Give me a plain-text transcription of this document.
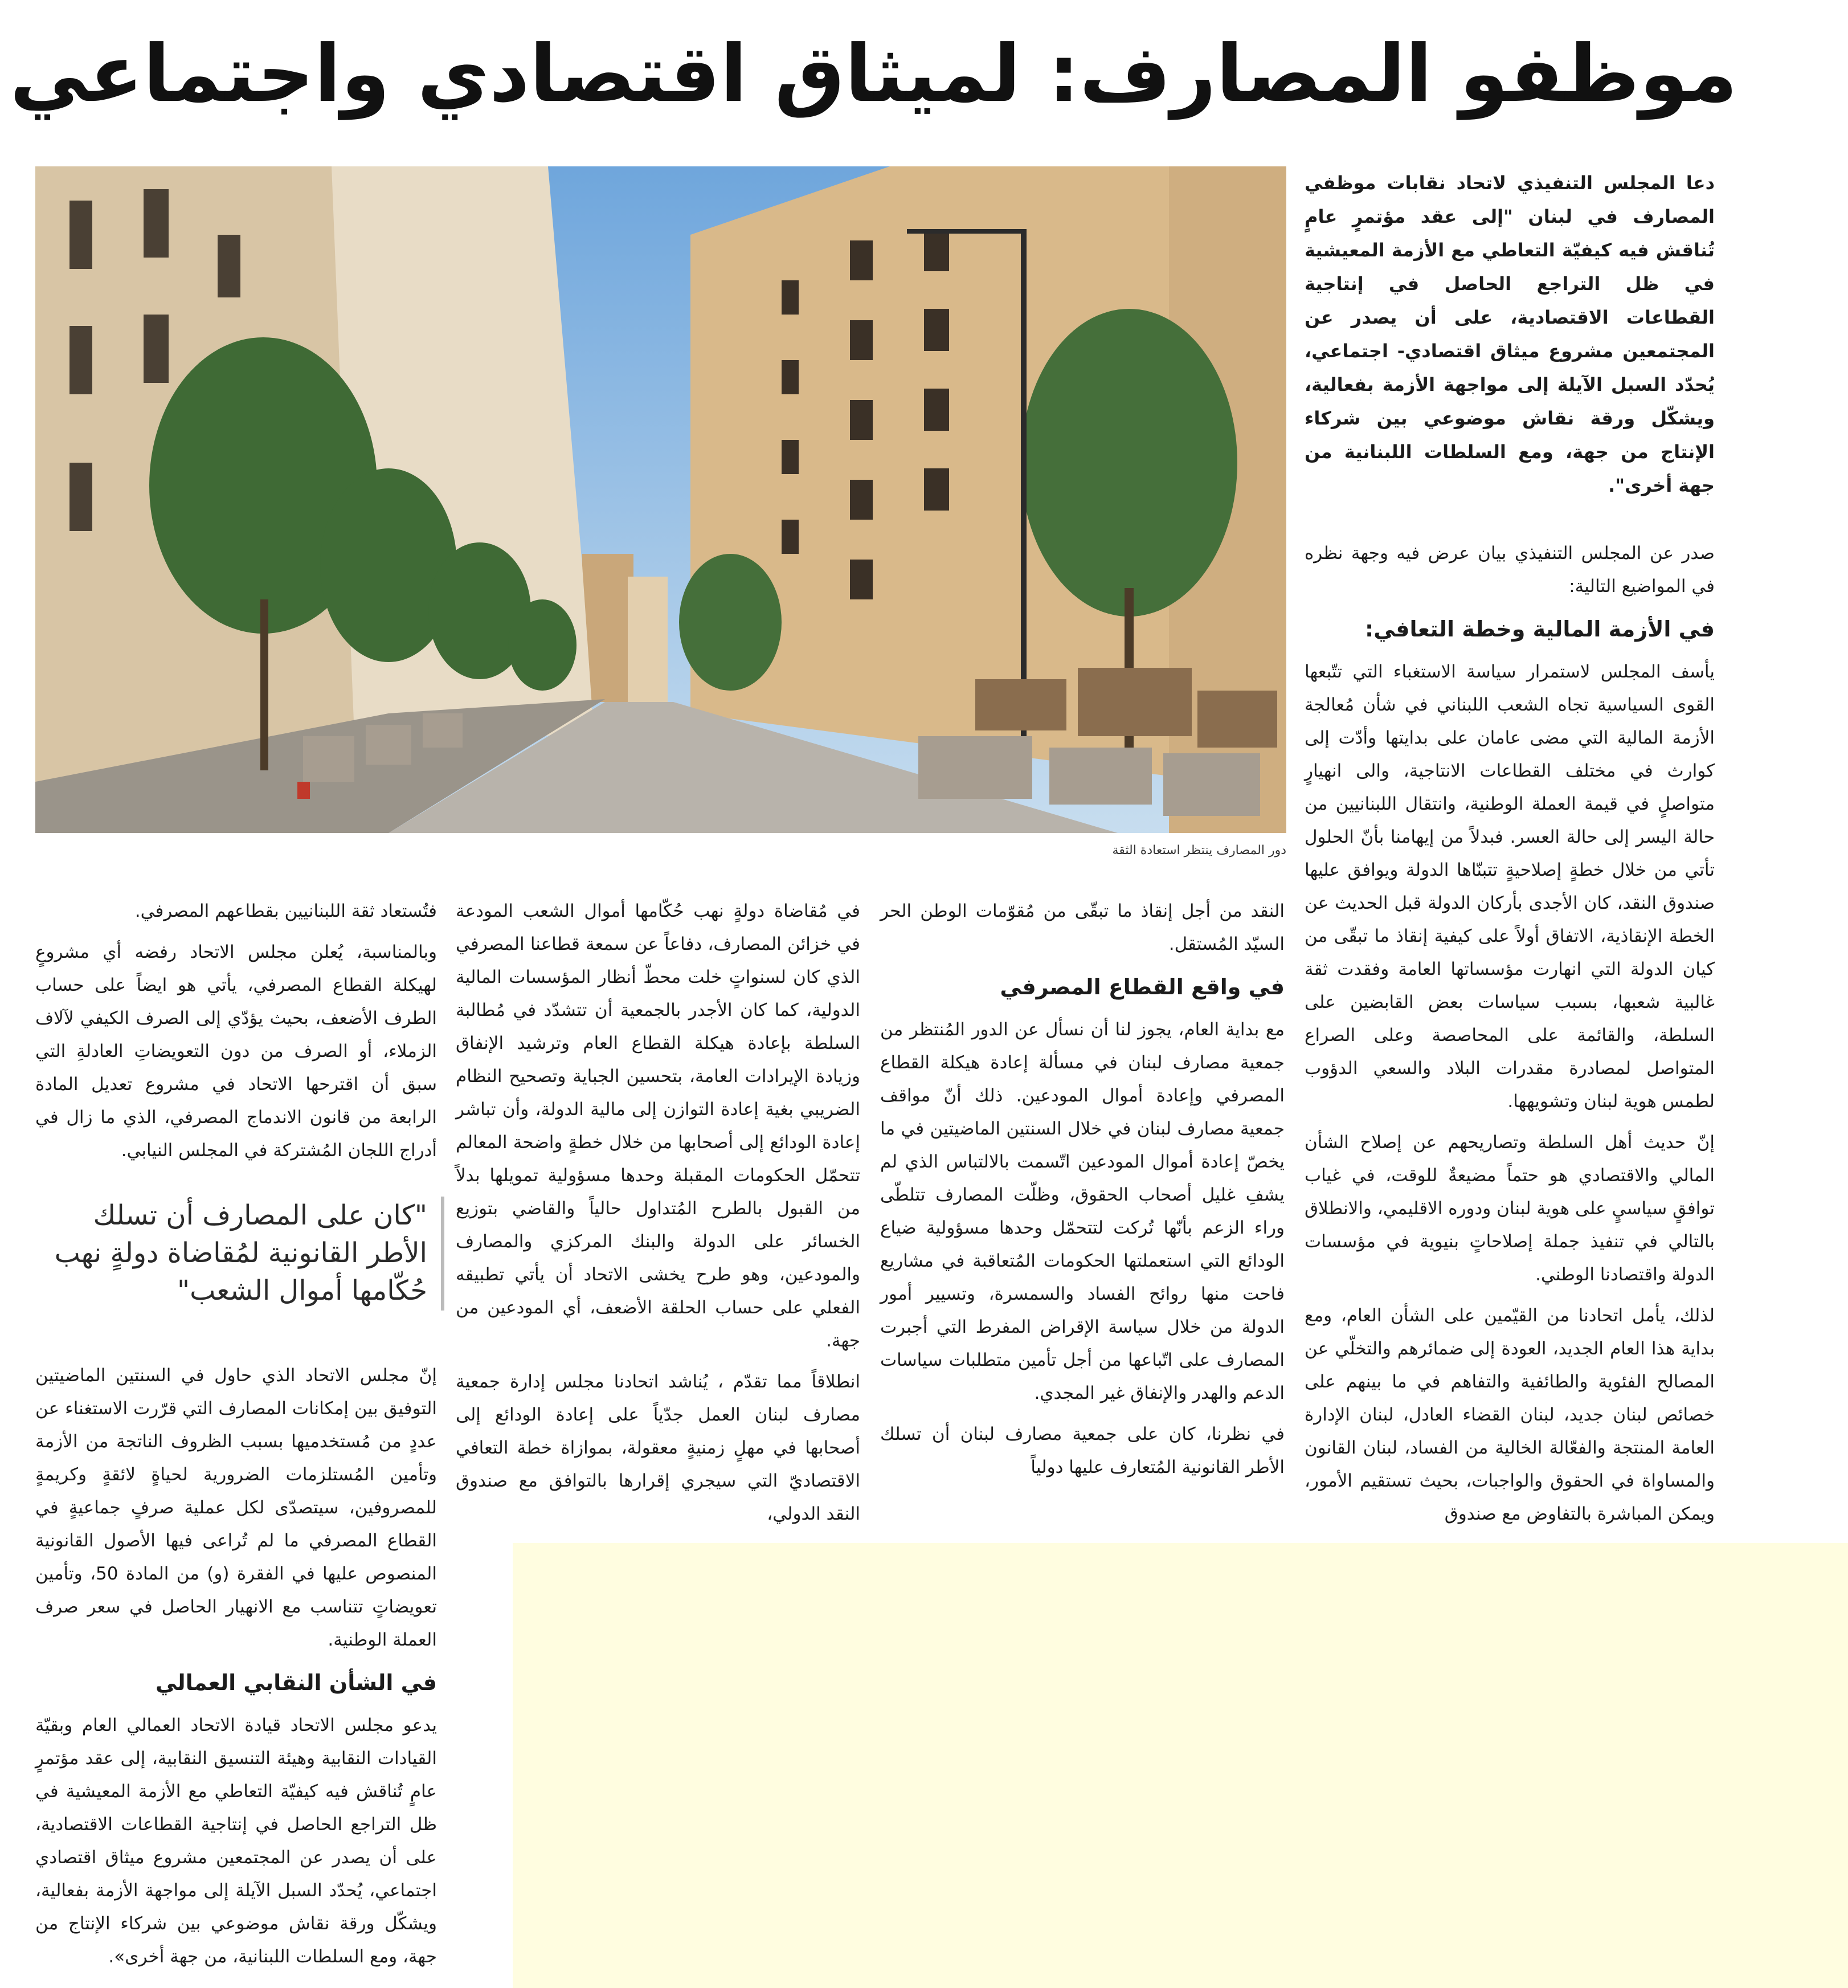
موظفو المصارف: لميثاق اقتصادي واجتماعي
دور المصارف ينتظر استعادة الثقة

دعا المجلس التنفيذي لاتحاد نقابات موظفي المصارف في لبنان "إلى عقد مؤتمرٍ عامٍ تُناقش فيه كيفيّة التعاطي مع الأزمة المعيشية في ظل التراجع الحاصل في إنتاجية القطاعات الاقتصادية، على أن يصدر عن المجتمعين مشروع ميثاق اقتصادي- اجتماعي، يُحدّد السبل الآيلة إلى مواجهة الأزمة بفعالية، ويشكّل ورقة نقاش موضوعي بين شركاء الإنتاج من جهة، ومع السلطات اللبنانية من جهة أخرى".

صدر عن المجلس التنفيذي بيان عرض فيه وجهة نظره في المواضيع التالية:

في الأزمة المالية وخطة التعافي:

يأسف المجلس لاستمرار سياسة الاستغباء التي تتّبعها القوى السياسية تجاه الشعب اللبناني في شأن مُعالجة الأزمة المالية التي مضى عامان على بدايتها وأدّت إلى كوارث في مختلف القطاعات الانتاجية، والى انهيارٍ متواصلٍ في قيمة العملة الوطنية، وانتقال اللبنانيين من حالة اليسر إلى حالة العسر. فبدلاً من إيهامنا بأنّ الحلول تأتي من خلال خطةٍ إصلاحيةٍ تتبنّاها الدولة ويوافق عليها صندوق النقد، كان الأجدى بأركان الدولة قبل الحديث عن الخطة الإنقاذية، الاتفاق أولاً على كيفية إنقاذ ما تبقّى من كيان الدولة التي انهارت مؤسساتها العامة وفقدت ثقة غالبية شعبها، بسبب سياسات بعض القابضين على السلطة، والقائمة على المحاصصة وعلى الصراع المتواصل لمصادرة مقدرات البلاد والسعي الدؤوب لطمس هوية لبنان وتشويهها.

إنّ حديث أهل السلطة وتصاريحهم عن إصلاح الشأن المالي والاقتصادي هو حتماً مضيعةٌ للوقت، في غياب توافقٍ سياسيٍ على هوية لبنان ودوره الاقليمي، والانطلاق بالتالي في تنفيذ جملة إصلاحاتٍ بنيوية في مؤسسات الدولة واقتصادنا الوطني.

لذلك، يأمل اتحادنا من القيّمين على الشأن العام، ومع بداية هذا العام الجديد، العودة إلى ضمائرهم والتخلّي عن المصالح الفئوية والطائفية والتفاهم في ما بينهم على خصائص لبنان جديد، لبنان القضاء العادل، لبنان الإدارة العامة المنتجة والفعّالة الخالية من الفساد، لبنان القانون والمساواة في الحقوق والواجبات، بحيث تستقيم الأمور، ويمكن المباشرة بالتفاوض مع صندوق

النقد من أجل إنقاذ ما تبقّى من مُقوّمات الوطن الحر السيّد المُستقل.

في واقع القطاع المصرفي

مع بداية العام، يجوز لنا أن نسأل عن الدور المُنتظر من جمعية مصارف لبنان في مسألة إعادة هيكلة القطاع المصرفي وإعادة أموال المودعين. ذلك أنّ مواقف جمعية مصارف لبنان في خلال السنتين الماضيتين في ما يخصّ إعادة أموال المودعين اتّسمت بالالتباس الذي لم يشفِ غليل أصحاب الحقوق، وظلّت المصارف تتلطّى وراء الزعم بأنّها تُركت لتتحمّل وحدها مسؤولية ضياع الودائع التي استعملتها الحكومات المُتعاقبة في مشاريع فاحت منها روائح الفساد والسمسرة، وتسيير أمور الدولة من خلال سياسة الإقراض المفرط التي أجبرت المصارف على اتّباعها من أجل تأمين متطلبات سياسات الدعم والهدر والإنفاق غير المجدي.

في نظرنا، كان على جمعية مصارف لبنان أن تسلك الأطر القانونية المُتعارف عليها دولياً

في مُقاضاة دولةٍ نهب حُكّامها أموال الشعب المودعة في خزائن المصارف، دفاعاً عن سمعة قطاعنا المصرفي الذي كان لسنواتٍ خلت محطّ أنظار المؤسسات المالية الدولية، كما كان الأجدر بالجمعية أن تتشدّد في مُطالبة السلطة بإعادة هيكلة القطاع العام وترشيد الإنفاق وزيادة الإيرادات العامة، بتحسين الجباية وتصحيح النظام الضريبي بغية إعادة التوازن إلى مالية الدولة، وأن تباشر إعادة الودائع إلى أصحابها من خلال خطةٍ واضحة المعالم تتحمّل الحكومات المقبلة وحدها مسؤولية تمويلها بدلاً من القبول بالطرح المُتداول حالياً والقاضي بتوزيع الخسائر على الدولة والبنك المركزي والمصارف والمودعين، وهو طرح يخشى الاتحاد أن يأتي تطبيقه الفعلي على حساب الحلقة الأضعف، أي المودعين من جهة.

انطلاقاً مما تقدّم ، يُناشد اتحادنا مجلس إدارة جمعية مصارف لبنان العمل جدّياً على إعادة الودائع إلى أصحابها في مهلٍ زمنيةٍ معقولة، بموازاة خطة التعافي الاقتصاديّ التي سيجري إقرارها بالتوافق مع صندوق النقد الدولي،

فتُستعاد ثقة اللبنانيين بقطاعهم المصرفي.

وبالمناسبة، يُعلن مجلس الاتحاد رفضه أي مشروعٍ لهيكلة القطاع المصرفي، يأتي هو ايضاً على حساب الطرف الأضعف، بحيث يؤدّي إلى الصرف الكيفي لآلاف الزملاء، أو الصرف من دون التعويضاتِ العادلةِ التي سبق أن اقترحها الاتحاد في مشروع تعديل المادة الرابعة من قانون الاندماج المصرفي، الذي ما زال في أدراج اللجان المُشتركة في المجلس النيابي.

"كان على المصارف أن تسلك الأطر القانونية لمُقاضاة دولةٍ نهب حُكّامها أموال الشعب"

إنّ مجلس الاتحاد الذي حاول في السنتين الماضيتين التوفيق بين إمكانات المصارف التي قرّرت الاستغناء عن عددٍ من مُستخدميها بسبب الظروف الناتجة من الأزمة وتأمين المُستلزمات الضرورية لحياةٍ لائقةٍ وكريمةٍ للمصروفين، سيتصدّى لكل عملية صرفٍ جماعيةٍ في القطاع المصرفي ما لم تُراعى فيها الأصول القانونية المنصوص عليها في الفقرة (و) من المادة 50، وتأمين تعويضاتٍ تتناسب مع الانهيار الحاصل في سعر صرف العملة الوطنية.

في الشأن النقابي العمالي

يدعو مجلس الاتحاد قيادة الاتحاد العمالي العام وبقيّة القيادات النقابية وهيئة التنسيق النقابية، إلى عقد مؤتمرٍ عامٍ تُناقش فيه كيفيّة التعاطي مع الأزمة المعيشية في ظل التراجع الحاصل في إنتاجية القطاعات الاقتصادية، على أن يصدر عن المجتمعين مشروع ميثاق اقتصادي اجتماعي، يُحدّد السبل الآيلة إلى مواجهة الأزمة بفعالية، ويشكّل ورقة نقاش موضوعي بين شركاء الإنتاج من جهة، ومع السلطات اللبنانية، من جهة أخرى».
